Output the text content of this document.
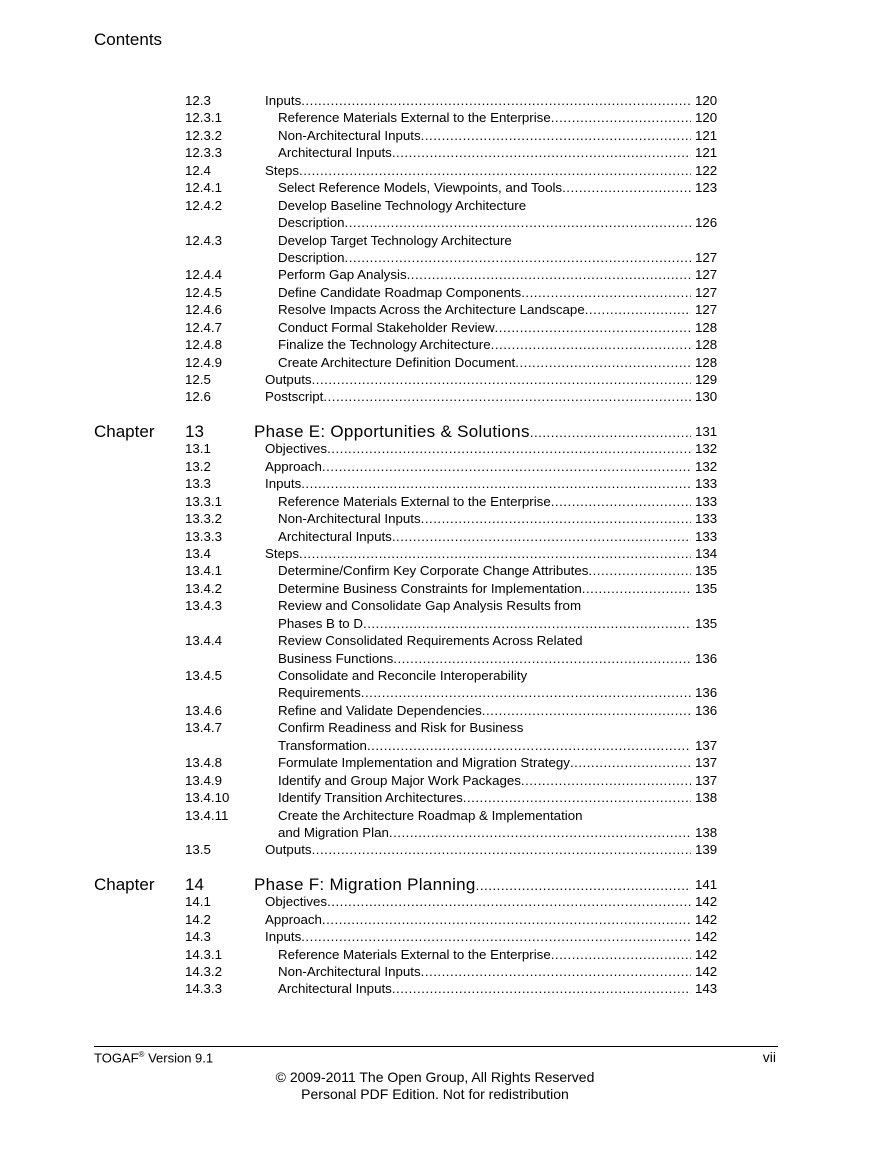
Contents
12.3	Inputs .....	120
12.3.1	Reference Materials External to the Enterprise .....	120
12.3.2	Non-Architectural Inputs .....	121
12.3.3	Architectural Inputs .....	121
12.4	Steps .....	122
12.4.1	Select Reference Models, Viewpoints, and Tools .....	123
12.4.2	Develop Baseline Technology Architecture
Description .....	126
12.4.3	Develop Target Technology Architecture
Description .....	127
12.4.4	Perform Gap Analysis .....	127
12.4.5	Define Candidate Roadmap Components .....	127
12.4.6	Resolve Impacts Across the Architecture Landscape .....	127
12.4.7	Conduct Formal Stakeholder Review .....	128
12.4.8	Finalize the Technology Architecture .....	128
12.4.9	Create Architecture Definition Document .....	128
12.5	Outputs .....	129
12.6	Postscript .....	130
Chapter 13	Phase E: Opportunities & Solutions .....	131
13.1	Objectives .....	132
13.2	Approach .....	132
13.3	Inputs .....	133
13.3.1	Reference Materials External to the Enterprise .....	133
13.3.2	Non-Architectural Inputs .....	133
13.3.3	Architectural Inputs .....	133
13.4	Steps .....	134
13.4.1	Determine/Confirm Key Corporate Change Attributes .....	135
13.4.2	Determine Business Constraints for Implementation .....	135
13.4.3	Review and Consolidate Gap Analysis Results from
Phases B to D .....	135
13.4.4	Review Consolidated Requirements Across Related
Business Functions .....	136
13.4.5	Consolidate and Reconcile Interoperability
Requirements .....	136
13.4.6	Refine and Validate Dependencies .....	136
13.4.7	Confirm Readiness and Risk for Business
Transformation .....	137
13.4.8	Formulate Implementation and Migration Strategy .....	137
13.4.9	Identify and Group Major Work Packages .....	137
13.4.10	Identify Transition Architectures .....	138
13.4.11	Create the Architecture Roadmap & Implementation
and Migration Plan .....	138
13.5	Outputs .....	139
Chapter 14	Phase F: Migration Planning .....	141
14.1	Objectives .....	142
14.2	Approach .....	142
14.3	Inputs .....	142
14.3.1	Reference Materials External to the Enterprise .....	142
14.3.2	Non-Architectural Inputs .....	142
14.3.3	Architectural Inputs .....	143
TOGAF® Version 9.1	vii
© 2009-2011 The Open Group, All Rights Reserved
Personal PDF Edition. Not for redistribution
